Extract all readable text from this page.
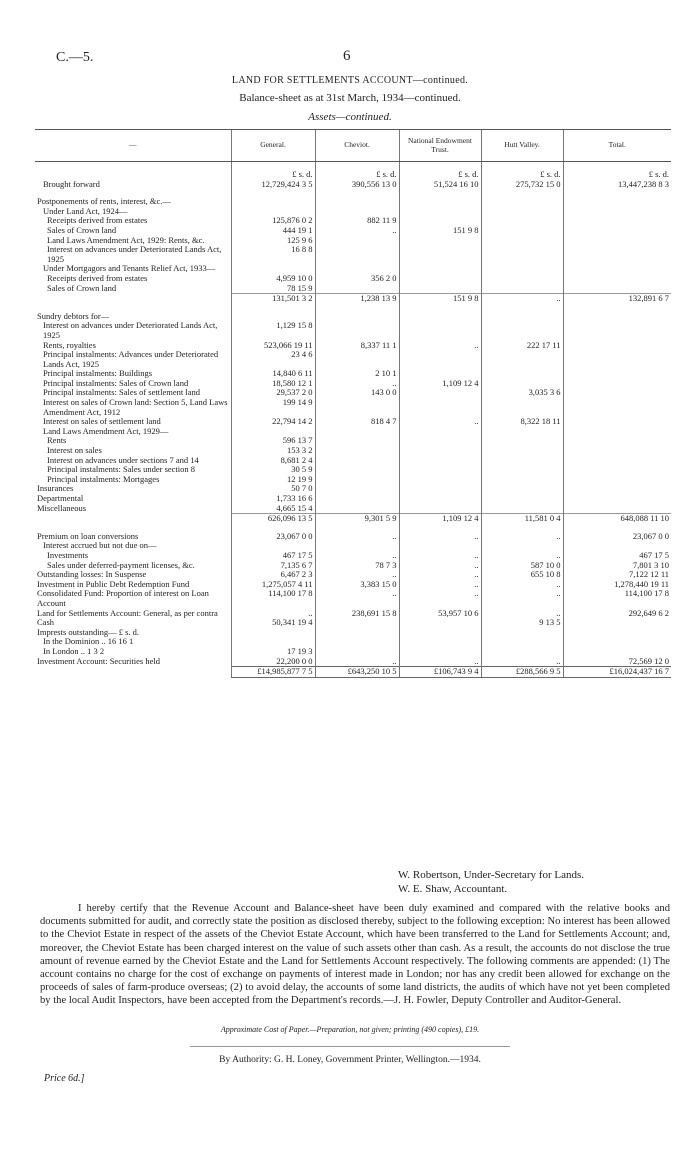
C.—5.	6
LAND FOR SETTLEMENTS ACCOUNT—continued.
Balance-sheet as at 31st March, 1934—continued.
Assets—continued.
—	General.	Cheviot.	National Endowment Trust.	Hutt Valley.	Total.
	£ s. d.	£ s. d.	£ s. d.	£ s. d.	£ s. d.
Brought forward	12,729,424 3 5	390,556 13 0	51,524 16 10	275,732 15 0	13,447,238 8 3

Postponements of rents, interest, &c.—					
Under Land Act, 1924—					
Receipts derived from estates	125,876 0 2	882 11 9			
Sales of Crown land	444 19 1	..	151 9 8		
Land Laws Amendment Act, 1929: Rents, &c.	125 9 6				
Interest on advances under Deteriorated Lands Act, 1925	16 8 8				
Under Mortgagors and Tenants Relief Act, 1933—					
Receipts derived from estates	4,959 10 0	356 2 0			
Sales of Crown land	78 15 9				
	131,501 3 2	1,238 13 9	151 9 8	..	132,891 6 7

Sundry debtors for—					
Interest on advances under Deteriorated Lands Act, 1925	1,129 15 8				
Rents, royalties	523,066 19 11	8,337 11 1	..	222 17 11	
Principal instalments: Advances under Deteriorated Lands Act, 1925	23 4 6				
Principal instalments: Buildings	14,840 6 11	2 10 1			
Principal instalments: Sales of Crown land	18,580 12 1	..	1,109 12 4		
Principal instalments: Sales of settlement land	29,537 2 0	143 0 0		3,035 3 6	
Interest on sales of Crown land: Section 5, Land Laws Amendment Act, 1912	199 14 9				
Interest on sales of settlement land	22,794 14 2	818 4 7	..	8,322 18 11	
Land Laws Amendment Act, 1929—					
Rents	596 13 7				
Interest on sales	153 3 2				
Interest on advances under sections 7 and 14	8,681 2 4				
Principal instalments: Sales under section 8	30 5 9				
Principal instalments: Mortgages	12 19 9				
Insurances	50 7 0				
Departmental	1,733 16 6				
Miscellaneous	4,665 15 4				
	626,096 13 5	9,301 5 9	1,109 12 4	11,581 0 4	648,088 11 10

Premium on loan conversions	23,067 0 0	..	..	..	23,067 0 0
Interest accrued but not due on—					
Investments	467 17 5	..	..	..	467 17 5
Sales under deferred-payment licenses, &c.	7,135 6 7	78 7 3	..	587 10 0	7,801 3 10
Outstanding losses: In Suspense	6,467 2 3	..	..	655 10 8	7,122 12 11
Investment in Public Debt Redemption Fund	1,275,057 4 11	3,383 15 0	..	..	1,278,440 19 11
Consolidated Fund: Proportion of interest on Loan Account	114,100 17 8	..	..	..	114,100 17 8
Land for Settlements Account: General, as per contra	..	238,691 15 8	53,957 10 6	..	292,649 6 2
Cash	50,341 19 4			9 13 5	
Imprests outstanding— £ s. d.					
In the Dominion .. 16 16 1					
In London .. 1 3 2	17 19 3				
Investment Account: Securities held	22,200 0 0	..	..	..	72,569 12 0
	£14,985,877 7 5	£643,250 10 5	£106,743 9 4	£288,566 9 5	£16,024,437 16 7
W. Robertson, Under-Secretary for Lands.
W. E. Shaw, Accountant.
I hereby certify that the Revenue Account and Balance-sheet have been duly examined and compared with the relative books and documents submitted for audit, and correctly state the position as disclosed thereby, subject to the following exception: No interest has been allowed to the Cheviot Estate in respect of the assets of the Cheviot Estate Account, which have been transferred to the Land for Settlements Account; and, moreover, the Cheviot Estate has been charged interest on the value of such assets other than cash. As a result, the accounts do not disclose the true amount of revenue earned by the Cheviot Estate and the Land for Settlements Account respectively. The following comments are appended: (1) The account contains no charge for the cost of exchange on payments of interest made in London; nor has any credit been allowed for exchange on the proceeds of sales of farm-produce overseas; (2) to avoid delay, the accounts of some land districts, the audits of which have not yet been completed by the local Audit Inspectors, have been accepted from the Department's records.—J. H. Fowler, Deputy Controller and Auditor-General.
Approximate Cost of Paper.—Preparation, not given; printing (490 copies), £19.
By Authority: G. H. Loney, Government Printer, Wellington.—1934.
Price 6d.]
